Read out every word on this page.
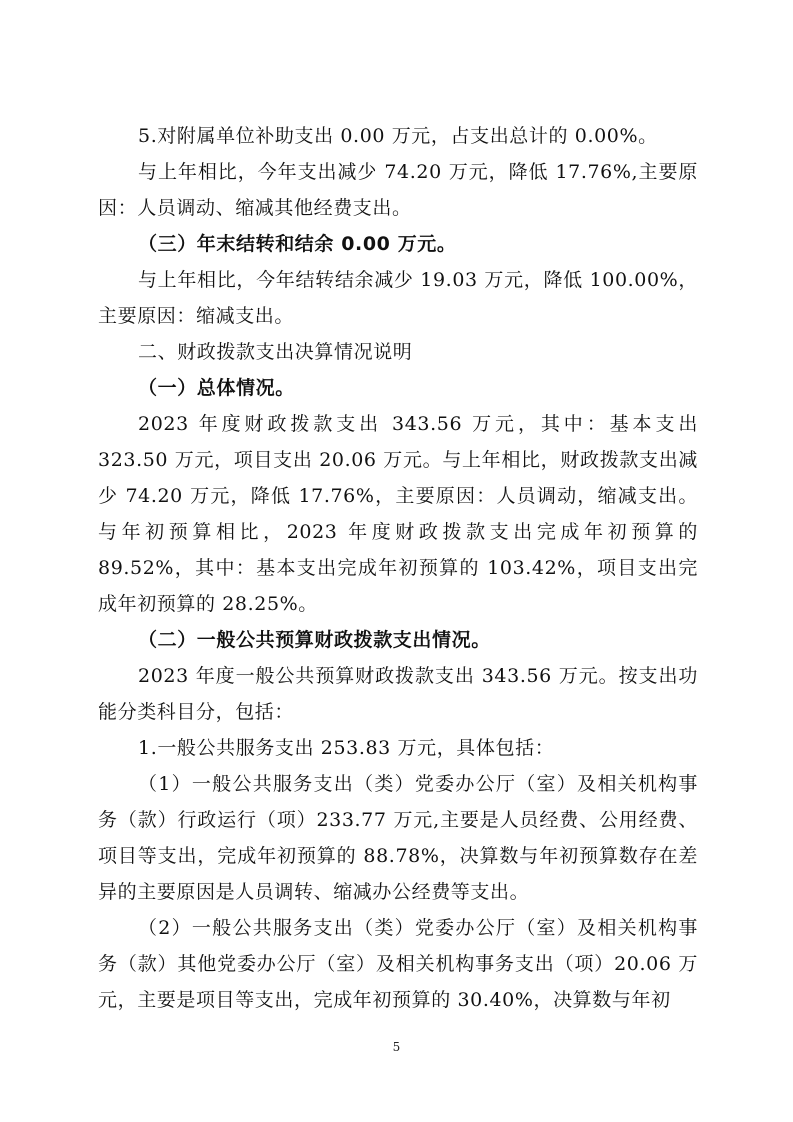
5.对附属单位补助支出 0.00 万元，占支出总计的 0.00%。

与上年相比，今年支出减少 74.20 万元，降低 17.76%,主要原因：人员调动、缩减其他经费支出。

（三）年末结转和结余 0.00 万元。

与上年相比，今年结转结余减少 19.03 万元，降低 100.00%，主要原因：缩减支出。

二、财政拨款支出决算情况说明

（一）总体情况。

2023 年度财政拨款支出 343.56 万元，其中：基本支出 323.50 万元，项目支出 20.06 万元。与上年相比，财政拨款支出减少 74.20 万元，降低 17.76%，主要原因：人员调动，缩减支出。与年初预算相比，2023 年度财政拨款支出完成年初预算的 89.52%，其中：基本支出完成年初预算的 103.42%，项目支出完成年初预算的 28.25%。

（二）一般公共预算财政拨款支出情况。

2023 年度一般公共预算财政拨款支出 343.56 万元。按支出功能分类科目分，包括：

1.一般公共服务支出 253.83 万元，具体包括：

（1）一般公共服务支出（类）党委办公厅（室）及相关机构事务（款）行政运行（项）233.77 万元,主要是人员经费、公用经费、项目等支出，完成年初预算的 88.78%，决算数与年初预算数存在差异的主要原因是人员调转、缩减办公经费等支出。

（2）一般公共服务支出（类）党委办公厅（室）及相关机构事务（款）其他党委办公厅（室）及相关机构事务支出（项）20.06 万元，主要是项目等支出，完成年初预算的 30.40%，决算数与年初

5
